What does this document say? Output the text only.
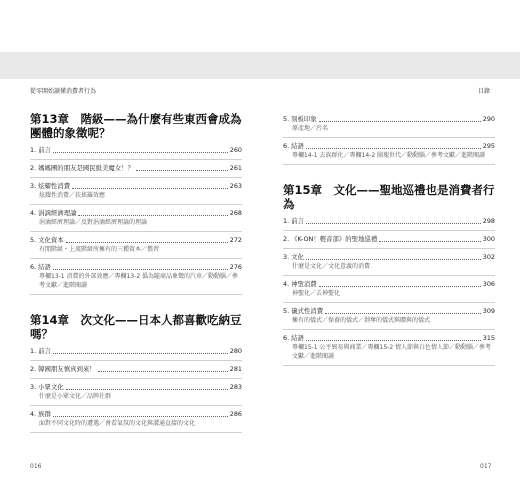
從零開始讀懂消費者行為	目錄
第13章　階級——為什麼有些東西會成為團體的象徵呢？
1. 前言	260
2. 媽媽團的朋友是國民級美魔女！？	261
3. 炫耀性消費	263
炫耀性消費／扶搖羅效應
4. 涓滴經濟理論	268
涓滴經濟理論／反對涓滴經濟理論的理論
5. 文化資本	272
有閒階級・上流階級所擁有的三種資本／慣習
6. 結語	276
專欄13-1 消費的外部效應／專欄13-2 僞為隨商品象徵的汽車／動動腦／參考文獻／進階閱讀
第14章　次文化——日本人都喜歡吃納豆嗎？
1. 前言	280
2. 韓國朋友慎真到來！	281
3. 小眾文化	283
什麼是小眾文化／品牌社群
4. 族群	286
面對不同文化時的遭遇／會看氣氛的文化與溝通直接的文化
5. 刻板印象	290
原產地／污名
6. 結語	295
專欄14-1 去族群化／專欄14-2 團塊世代／動動腦／參考文獻／進階閱讀
第15章　文化——聖地巡禮也是消費者行為
1. 前言	298
2. 《K-ON！輕音部》的聖地巡禮	300
3. 文化	302
什麼是文化／文化意義的消費
4. 神聖消費	306
神聖化／去神聖化
5. 儀式性消費	309
擁有的儀式／保養的儀式／剝奪的儀式與贈與的儀式
6. 結語	315
專欄15-1 公平貿易與商業／專欄15-2 情人節與白色情人節／動動腦／參考文獻／進階閱讀
016	017
